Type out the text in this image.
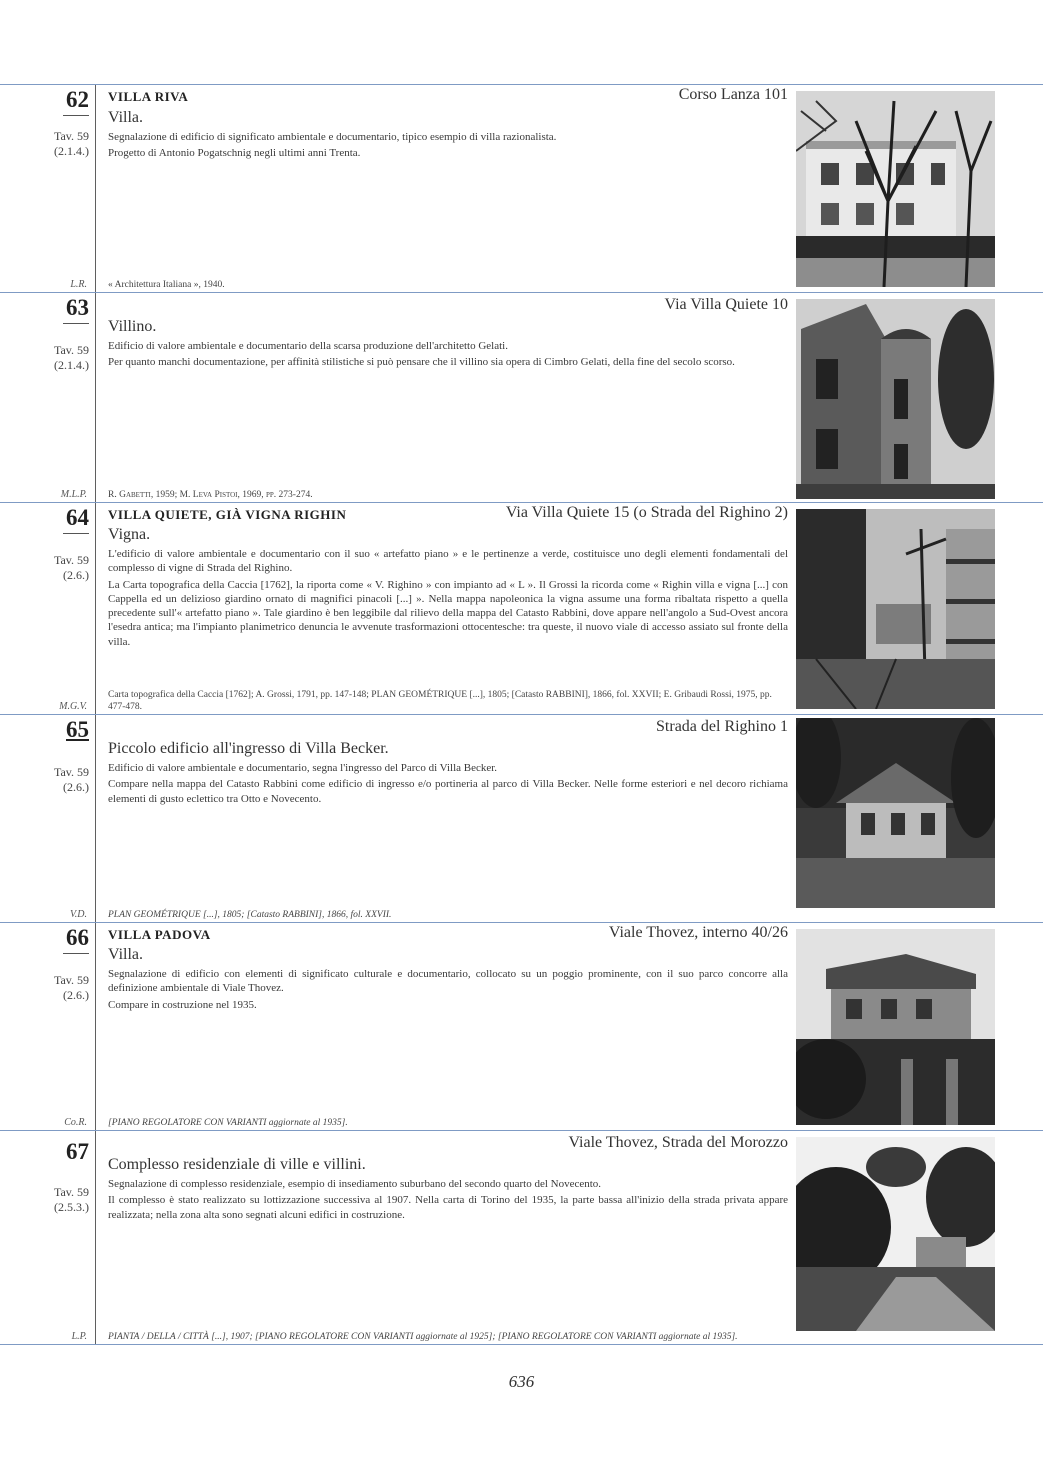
62
Tav. 59
(2.1.4.)
L.R.
VILLA RIVA	Corso Lanza 101
Villa.

Segnalazione di edificio di significato ambientale e documentario, tipico esempio di villa razionalista.

Progetto di Antonio Pogatschnig negli ultimi anni Trenta.

« Architettura Italiana », 1940.
63
Tav. 59
(2.1.4.)
M.L.P.
Via Villa Quiete 10
Villino.

Edificio di valore ambientale e documentario della scarsa produzione dell'architetto Gelati.

Per quanto manchi documentazione, per affinità stilistiche si può pensare che il villino sia opera di Cimbro Gelati, della fine del secolo scorso.

R. Gabetti, 1959; M. Leva Pistoi, 1969, pp. 273-274.
64
Tav. 59
(2.6.)
M.G.V.
VILLA QUIETE, GIÀ VIGNA RIGHIN	Via Villa Quiete 15 (o Strada del Righino 2)
Vigna.

L'edificio di valore ambientale e documentario con il suo « artefatto piano » e le pertinenze a verde, costituisce uno degli elementi fondamentali del complesso di vigne di Strada del Righino.

La Carta topografica della Caccia [1762], la riporta come « V. Righino » con impianto ad « L ». Il Grossi la ricorda come « Righin villa e vigna [...] con Cappella ed un delizioso giardino ornato di magnifici pinacoli [...] ». Nella mappa napoleonica la vigna assume una forma ribaltata rispetto a quella precedente sull'« artefatto piano ». Tale giardino è ben leggibile dal rilievo della mappa del Catasto Rabbini, dove appare nell'angolo a Sud-Ovest ancora l'esedra antica; ma l'impianto planimetrico denuncia le avvenute trasformazioni ottocentesche: tra queste, il nuovo viale di accesso assiato sul fronte della villa.

Carta topografica della Caccia [1762]; A. Grossi, 1791, pp. 147-148; PLAN GEOMÉTRIQUE [...], 1805; [Catasto RABBINI], 1866, fol. XXVII; E. Gribaudi Rossi, 1975, pp. 477-478.
65
Tav. 59
(2.6.)
V.D.
Strada del Righino 1
Piccolo edificio all'ingresso di Villa Becker.

Edificio di valore ambientale e documentario, segna l'ingresso del Parco di Villa Becker.

Compare nella mappa del Catasto Rabbini come edificio di ingresso e/o portineria al parco di Villa Becker. Nelle forme esteriori e nel decoro richiama elementi di gusto eclettico tra Otto e Novecento.

PLAN GEOMÉTRIQUE [...], 1805; [Catasto RABBINI], 1866, fol. XXVII.
66
Tav. 59
(2.6.)
Co.R.
VILLA PADOVA	Viale Thovez, interno 40/26
Villa.

Segnalazione di edificio con elementi di significato culturale e documentario, collocato su un poggio prominente, con il suo parco concorre alla definizione ambientale di Viale Thovez.

Compare in costruzione nel 1935.

[PIANO REGOLATORE CON VARIANTI aggiornate al 1935].
67
Tav. 59
(2.5.3.)
L.P.
Viale Thovez, Strada del Morozzo
Complesso residenziale di ville e villini.

Segnalazione di complesso residenziale, esempio di insediamento suburbano del secondo quarto del Novecento.

Il complesso è stato realizzato su lottizzazione successiva al 1907. Nella carta di Torino del 1935, la parte bassa all'inizio della strada privata appare realizzata; nella zona alta sono segnati alcuni edifici in costruzione.

PIANTA / DELLA / CITTÀ [...], 1907; [PIANO REGOLATORE CON VARIANTI aggiornate al 1925]; [PIANO REGOLATORE CON VARIANTI aggiornate al 1935].
636
